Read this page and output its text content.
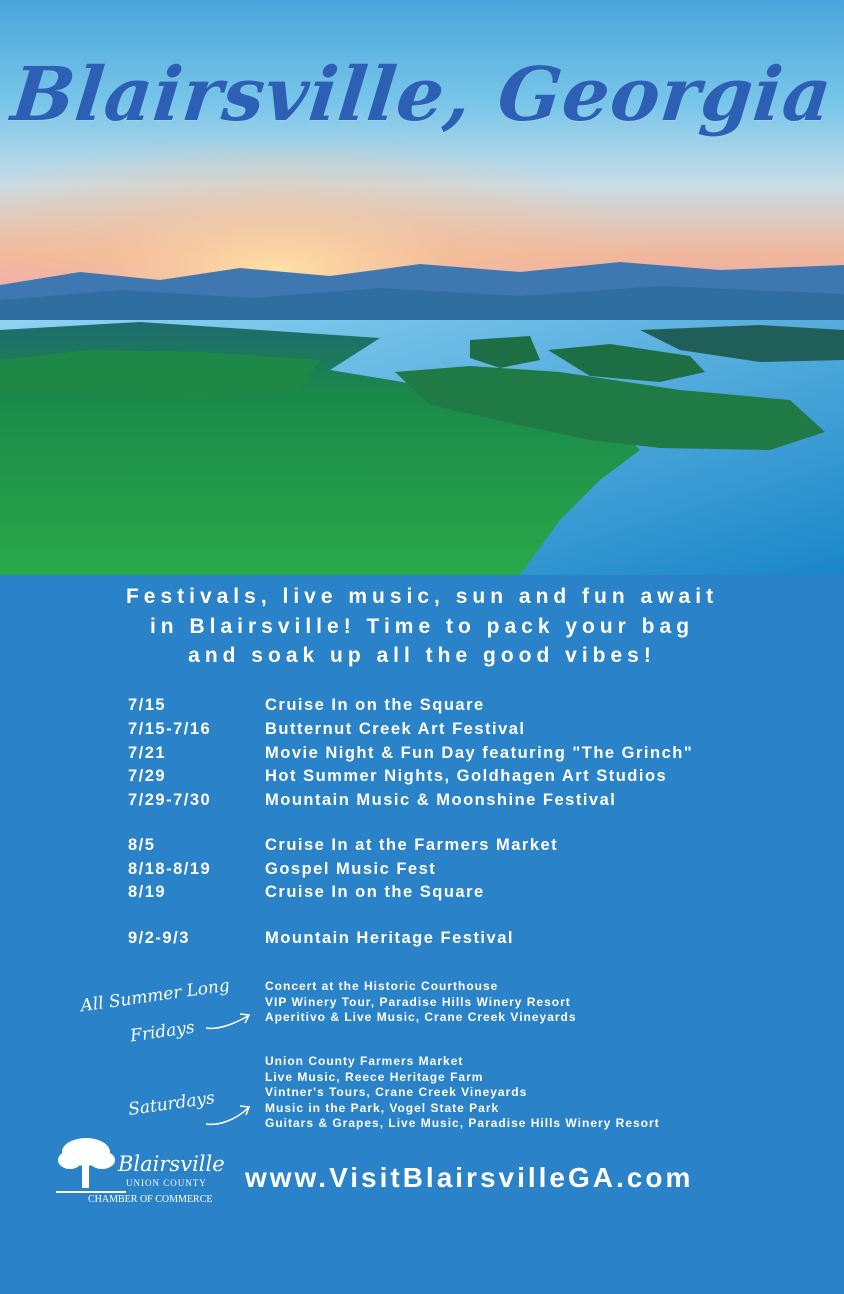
Blairsville, Georgia
Festivals, live music, sun and fun await
in Blairsville! Time to pack your bag
and soak up all the good vibes!
7/15	Cruise In on the Square
7/15-7/16	Butternut Creek Art Festival
7/21	Movie Night & Fun Day featuring "The Grinch"
7/29	Hot Summer Nights, Goldhagen Art Studios
7/29-7/30	Mountain Music & Moonshine Festival
8/5	Cruise In at the Farmers Market
8/18-8/19	Gospel Music Fest
8/19	Cruise In on the Square
9/2-9/3	Mountain Heritage Festival
All Summer Long
Fridays
Concert at the Historic Courthouse
VIP Winery Tour, Paradise Hills Winery Resort
Aperitivo & Live Music, Crane Creek Vineyards
Saturdays
Union County Farmers Market
Live Music, Reece Heritage Farm
Vintner's Tours, Crane Creek Vineyards
Music in the Park, Vogel State Park
Guitars & Grapes, Live Music, Paradise Hills Winery Resort
Blairsville
UNION COUNTY
CHAMBER OF COMMERCE
www.VisitBlairsvilleGA.com
